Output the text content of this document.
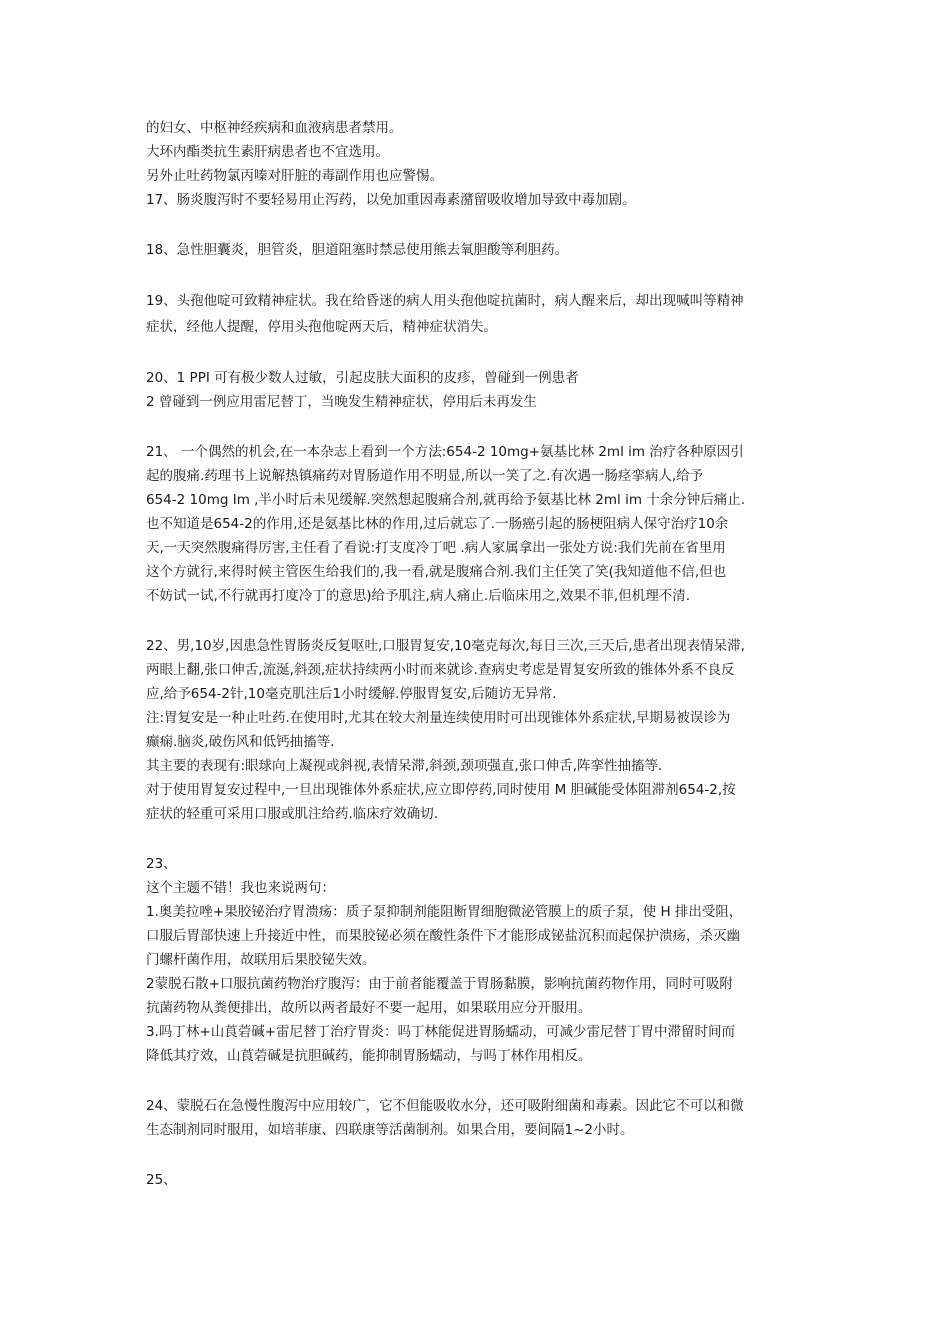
的妇女、中枢神经疾病和血液病患者禁用。
大环内酯类抗生素肝病患者也不宜选用。
另外止吐药物氯丙嗪对肝脏的毒副作用也应警惕。
17、肠炎腹泻时不要轻易用止泻药，以免加重因毒素潴留吸收增加导致中毒加剧。
18、急性胆囊炎，胆管炎，胆道阻塞时禁忌使用熊去氧胆酸等利胆药。
19、头孢他啶可致精神症状。我在给昏迷的病人用头孢他啶抗菌时，病人醒来后，却出现喊叫等精神
症状，经他人提醒，停用头孢他啶两天后，精神症状消失。
20、1 PPI 可有极少数人过敏，引起皮肤大面积的皮疹，曾碰到一例患者
2 曾碰到一例应用雷尼替丁，当晚发生精神症状，停用后未再发生
21、 一个偶然的机会,在一本杂志上看到一个方法:654-2 10mg+氨基比林 2ml im 治疗各种原因引
起的腹痛.药理书上说解热镇痛药对胃肠道作用不明显,所以一笑了之.有次遇一肠痉挛病人,给予
654-2 10mg Im ,半小时后未见缓解.突然想起腹痛合剂,就再给予氨基比林 2ml im 十余分钟后痛止.
也不知道是654-2的作用,还是氨基比林的作用,过后就忘了.一肠癌引起的肠梗阻病人保守治疗10余
天,一天突然腹痛得厉害,主任看了看说:打支度冷丁吧 .病人家属拿出一张处方说:我们先前在省里用
这个方就行,来得时候主管医生给我们的,我一看,就是腹痛合剂.我们主任笑了笑(我知道他不信,但也
不妨试一试,不行就再打度冷丁的意思)给予肌注,病人痛止.后临床用之,效果不菲,但机理不清.
22、男,10岁,因患急性胃肠炎反复呕吐,口服胃复安,10毫克每次,每日三次,三天后,患者出现表情呆滞,
两眼上翻,张口伸舌,流涎,斜颈,症状持续两小时而来就诊.查病史考虑是胃复安所致的锥体外系不良反
应,给予654-2针,10毫克肌注后1小时缓解.停服胃复安,后随访无异常.
注:胃复安是一种止吐药.在使用时,尤其在较大剂量连续使用时可出现锥体外系症状,早期易被误诊为
癫痫.脑炎,破伤风和低钙抽搐等.
其主要的表现有:眼球向上凝视或斜视,表情呆滞,斜颈,颈项强直,张口伸舌,阵挛性抽搐等.
对于使用胃复安过程中,一旦出现锥体外系症状,应立即停药,同时使用 M 胆碱能受体阻滞剂654-2,按
症状的轻重可采用口服或肌注给药.临床疗效确切.
23、
这个主题不错！我也来说两句：
1.奥美拉唑+果胶铋治疗胃溃疡：质子泵抑制剂能阻断胃细胞微泌管膜上的质子泵，使 H 排出受阻，
口服后胃部快速上升接近中性，而果胶铋必须在酸性条件下才能形成铋盐沉积而起保护溃疡，杀灭幽
门螺杆菌作用，故联用后果胶铋失效。
2蒙脱石散+口服抗菌药物治疗腹泻：由于前者能覆盖于胃肠黏膜，影响抗菌药物作用，同时可吸附
抗菌药物从粪便排出，故所以两者最好不要一起用，如果联用应分开服用。
3.吗丁林+山莨菪碱+雷尼替丁治疗胃炎：吗丁林能促进胃肠蠕动，可减少雷尼替丁胃中滞留时间而
降低其疗效，山莨菪碱是抗胆碱药，能抑制胃肠蠕动，与吗丁林作用相反。
24、蒙脱石在急慢性腹泻中应用较广，它不但能吸收水分，还可吸附细菌和毒素。因此它不可以和微
生态制剂同时服用，如培菲康、四联康等活菌制剂。如果合用，要间隔1~2小时。
25、
